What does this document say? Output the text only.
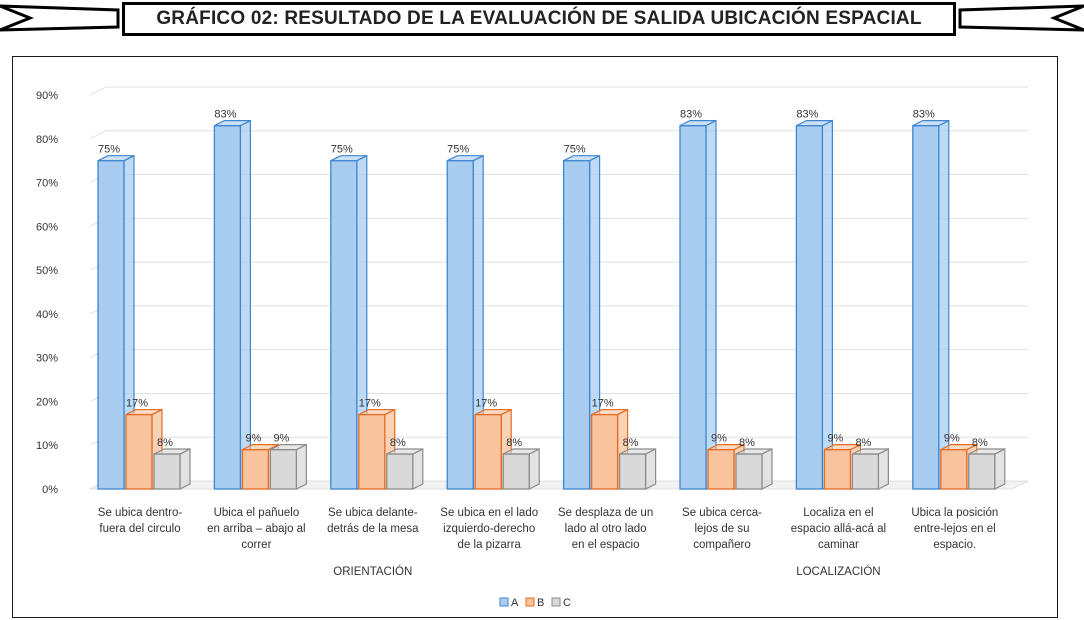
GRÁFICO 02: RESULTADO DE LA EVALUACIÓN DE SALIDA UBICACIÓN ESPACIAL
0%
10%
20%
30%
40%
50%
60%
70%
80%
90%
75%
17%
8%
Se ubica dentro-
fuera del circulo
83%
9% 9%
Ubica el pañuelo
en arriba – abajo al
correr
75%
17%
8%
Se ubica delante-
detrás de la mesa
75%
17%
8%
Se ubica en el lado
izquierdo-derecho
de la pizarra
75%
17%
8%
Se desplaza de un
lado al otro lado
en el espacio
83%
9% 8%
Se ubica cerca-
lejos de su
compañero
83%
9% 8%
Localiza en el
espacio allá-acá al
caminar
83%
9% 8%
Ubica la posición
entre-lejos en el
espacio.
ORIENTACIÓN	LOCALIZACIÓN
A B C
